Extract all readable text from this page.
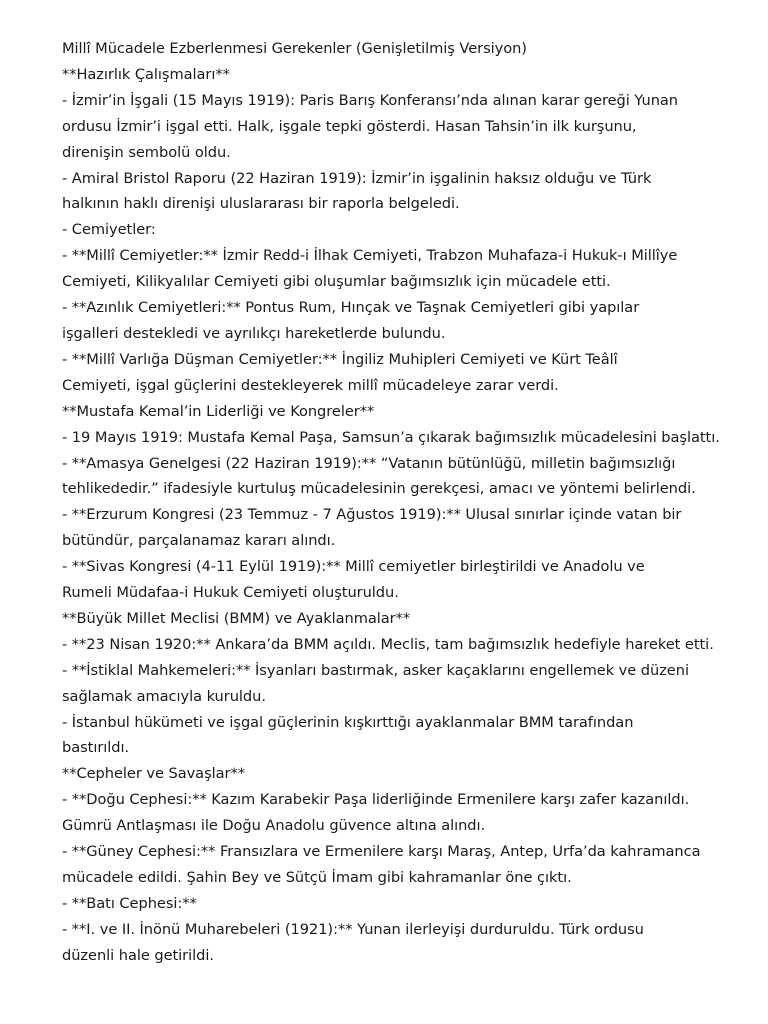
Millî Mücadele Ezberlenmesi Gerekenler (Genişletilmiş Versiyon)
**Hazırlık Çalışmaları**
- İzmir’in İşgali (15 Mayıs 1919): Paris Barış Konferansı’nda alınan karar gereği Yunan
ordusu İzmir’i işgal etti. Halk, işgale tepki gösterdi. Hasan Tahsin’in ilk kurşunu,
direnişin sembolü oldu.
- Amiral Bristol Raporu (22 Haziran 1919): İzmir’in işgalinin haksız olduğu ve Türk
halkının haklı direnişi uluslararası bir raporla belgeledi.
- Cemiyetler:
- **Millî Cemiyetler:** İzmir Redd-i İlhak Cemiyeti, Trabzon Muhafaza-i Hukuk-ı Millîye
Cemiyeti, Kilikyalılar Cemiyeti gibi oluşumlar bağımsızlık için mücadele etti.
- **Azınlık Cemiyetleri:** Pontus Rum, Hınçak ve Taşnak Cemiyetleri gibi yapılar
işgalleri destekledi ve ayrılıkçı hareketlerde bulundu.
- **Millî Varlığa Düşman Cemiyetler:** İngiliz Muhipleri Cemiyeti ve Kürt Teâlî
Cemiyeti, işgal güçlerini destekleyerek millî mücadeleye zarar verdi.
**Mustafa Kemal’in Liderliği ve Kongreler**
- 19 Mayıs 1919: Mustafa Kemal Paşa, Samsun’a çıkarak bağımsızlık mücadelesini başlattı.
- **Amasya Genelgesi (22 Haziran 1919):** “Vatanın bütünlüğü, milletin bağımsızlığı
tehlikededir.” ifadesiyle kurtuluş mücadelesinin gerekçesi, amacı ve yöntemi belirlendi.
- **Erzurum Kongresi (23 Temmuz - 7 Ağustos 1919):** Ulusal sınırlar içinde vatan bir
bütündür, parçalanamaz kararı alındı.
- **Sivas Kongresi (4-11 Eylül 1919):** Millî cemiyetler birleştirildi ve Anadolu ve
Rumeli Müdafaa-i Hukuk Cemiyeti oluşturuldu.
**Büyük Millet Meclisi (BMM) ve Ayaklanmalar**
- **23 Nisan 1920:** Ankara’da BMM açıldı. Meclis, tam bağımsızlık hedefiyle hareket etti.
- **İstiklal Mahkemeleri:** İsyanları bastırmak, asker kaçaklarını engellemek ve düzeni
sağlamak amacıyla kuruldu.
- İstanbul hükümeti ve işgal güçlerinin kışkırttığı ayaklanmalar BMM tarafından
bastırıldı.
**Cepheler ve Savaşlar**
- **Doğu Cephesi:** Kazım Karabekir Paşa liderliğinde Ermenilere karşı zafer kazanıldı.
Gümrü Antlaşması ile Doğu Anadolu güvence altına alındı.
- **Güney Cephesi:** Fransızlara ve Ermenilere karşı Maraş, Antep, Urfa’da kahramanca
mücadele edildi. Şahin Bey ve Sütçü İmam gibi kahramanlar öne çıktı.
- **Batı Cephesi:**
- **I. ve II. İnönü Muharebeleri (1921):** Yunan ilerleyişi durduruldu. Türk ordusu
düzenli hale getirildi.
